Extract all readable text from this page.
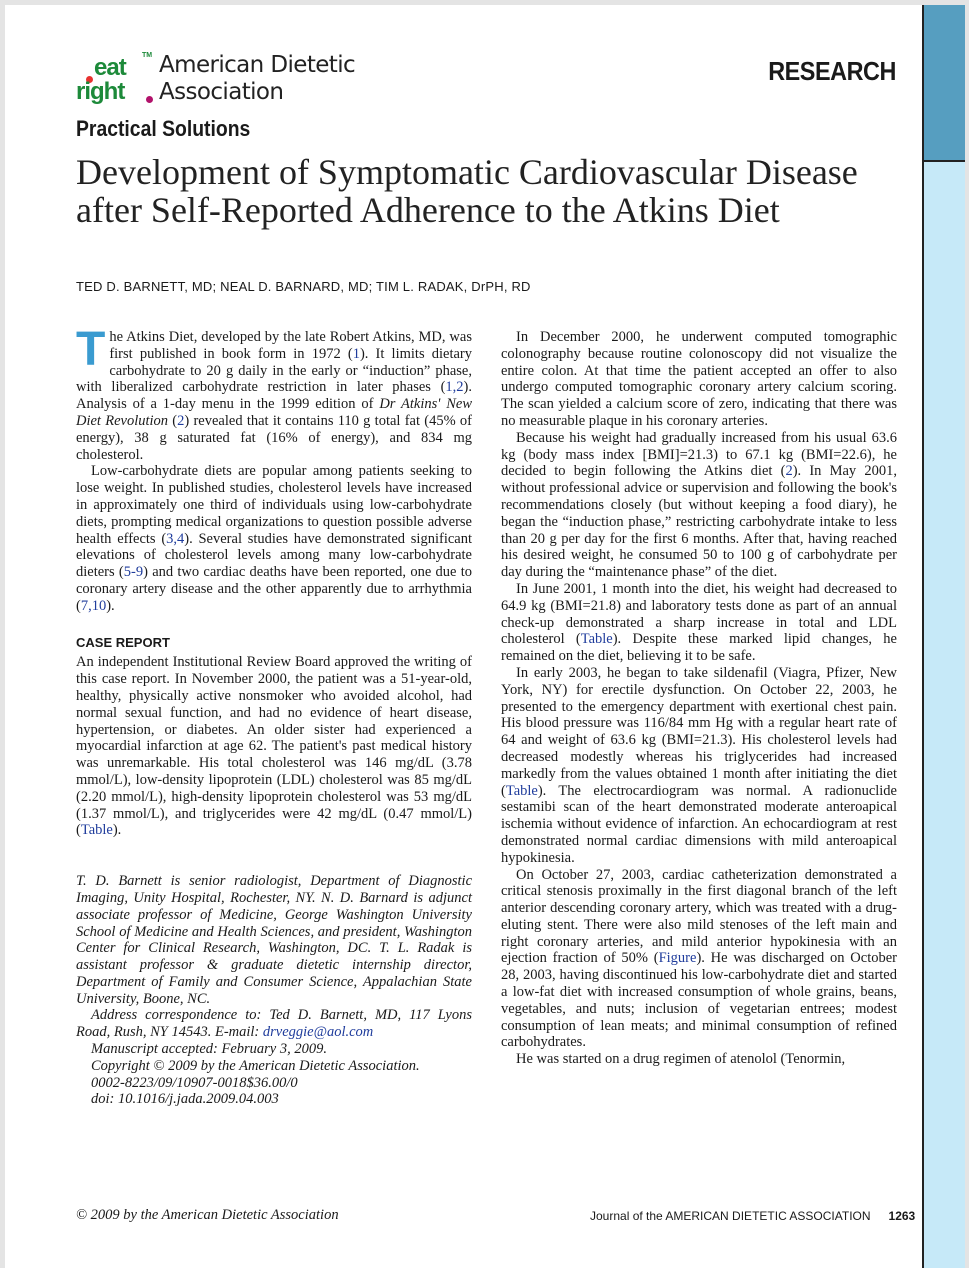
eat TM
right
American Dietetic
Association
RESEARCH
Practical Solutions
Development of Symptomatic Cardiovascular Disease after Self-Reported Adherence to the Atkins Diet
TED D. BARNETT, MD; NEAL D. BARNARD, MD; TIM L. RADAK, DrPH, RD
T he Atkins Diet, developed by the late Robert Atkins, MD, was first published in book form in 1972 (1). It limits dietary carbohydrate to 20 g daily in the early or “induction” phase, with liberalized carbohydrate restriction in later phases (1,2). Analysis of a 1-day menu in the 1999 edition of Dr Atkins' New Diet Revolution (2) revealed that it contains 110 g total fat (45% of energy), 38 g saturated fat (16% of energy), and 834 mg cholesterol.

Low-carbohydrate diets are popular among patients seeking to lose weight. In published studies, cholesterol levels have increased in approximately one third of individuals using low-carbohydrate diets, prompting medical organizations to question possible adverse health effects (3,4). Several studies have demonstrated significant elevations of cholesterol levels among many low-carbohydrate dieters (5-9) and two cardiac deaths have been reported, one due to coronary artery disease and the other apparently due to arrhythmia (7,10).

CASE REPORT

An independent Institutional Review Board approved the writing of this case report. In November 2000, the patient was a 51-year-old, healthy, physically active nonsmoker who avoided alcohol, had normal sexual function, and had no evidence of heart disease, hypertension, or diabetes. An older sister had experienced a myocardial infarction at age 62. The patient's past medical history was unremarkable. His total cholesterol was 146 mg/dL (3.78 mmol/L), low-density lipoprotein (LDL) cholesterol was 85 mg/dL (2.20 mmol/L), high-density lipoprotein cholesterol was 53 mg/dL (1.37 mmol/L), and triglycerides were 42 mg/dL (0.47 mmol/L) (Table).

T. D. Barnett is senior radiologist, Department of Diagnostic Imaging, Unity Hospital, Rochester, NY. N. D. Barnard is adjunct associate professor of Medicine, George Washington University School of Medicine and Health Sciences, and president, Washington Center for Clinical Research, Washington, DC. T. L. Radak is assistant professor & graduate dietetic internship director, Department of Family and Consumer Science, Appalachian State University, Boone, NC.

Address correspondence to: Ted D. Barnett, MD, 117 Lyons Road, Rush, NY 14543. E-mail: drveggie@aol.com

Manuscript accepted: February 3, 2009.

Copyright © 2009 by the American Dietetic Association.

0002-8223/09/10907-0018$36.00/0

doi: 10.1016/j.jada.2009.04.003

In December 2000, he underwent computed tomographic colonography because routine colonoscopy did not visualize the entire colon. At that time the patient accepted an offer to also undergo computed tomographic coronary artery calcium scoring. The scan yielded a calcium score of zero, indicating that there was no measurable plaque in his coronary arteries.

Because his weight had gradually increased from his usual 63.6 kg (body mass index [BMI]=21.3) to 67.1 kg (BMI=22.6), he decided to begin following the Atkins diet (2). In May 2001, without professional advice or supervision and following the book's recommendations closely (but without keeping a food diary), he began the “induction phase,” restricting carbohydrate intake to less than 20 g per day for the first 6 months. After that, having reached his desired weight, he consumed 50 to 100 g of carbohydrate per day during the “maintenance phase” of the diet.

In June 2001, 1 month into the diet, his weight had decreased to 64.9 kg (BMI=21.8) and laboratory tests done as part of an annual check-up demonstrated a sharp increase in total and LDL cholesterol (Table). Despite these marked lipid changes, he remained on the diet, believing it to be safe.

In early 2003, he began to take sildenafil (Viagra, Pfizer, New York, NY) for erectile dysfunction. On October 22, 2003, he presented to the emergency department with exertional chest pain. His blood pressure was 116/84 mm Hg with a regular heart rate of 64 and weight of 63.6 kg (BMI=21.3). His cholesterol levels had decreased modestly whereas his triglycerides had increased markedly from the values obtained 1 month after initiating the diet (Table). The electrocardiogram was normal. A radionuclide sestamibi scan of the heart demonstrated moderate anteroapical ischemia without evidence of infarction. An echocardiogram at rest demonstrated normal cardiac dimensions with mild anteroapical hypokinesia.

On October 27, 2003, cardiac catheterization demonstrated a critical stenosis proximally in the first diagonal branch of the left anterior descending coronary artery, which was treated with a drug-eluting stent. There were also mild stenoses of the left main and right coronary arteries, and mild anterior hypokinesia with an ejection fraction of 50% (Figure). He was discharged on October 28, 2003, having discontinued his low-carbohydrate diet and started a low-fat diet with increased consumption of whole grains, beans, vegetables, and nuts; inclusion of vegetarian entrees; modest consumption of lean meats; and minimal consumption of refined carbohydrates.

He was started on a drug regimen of atenolol (Tenormin,

© 2009 by the American Dietetic Association	Journal of the AMERICAN DIETETIC ASSOCIATION 1263
